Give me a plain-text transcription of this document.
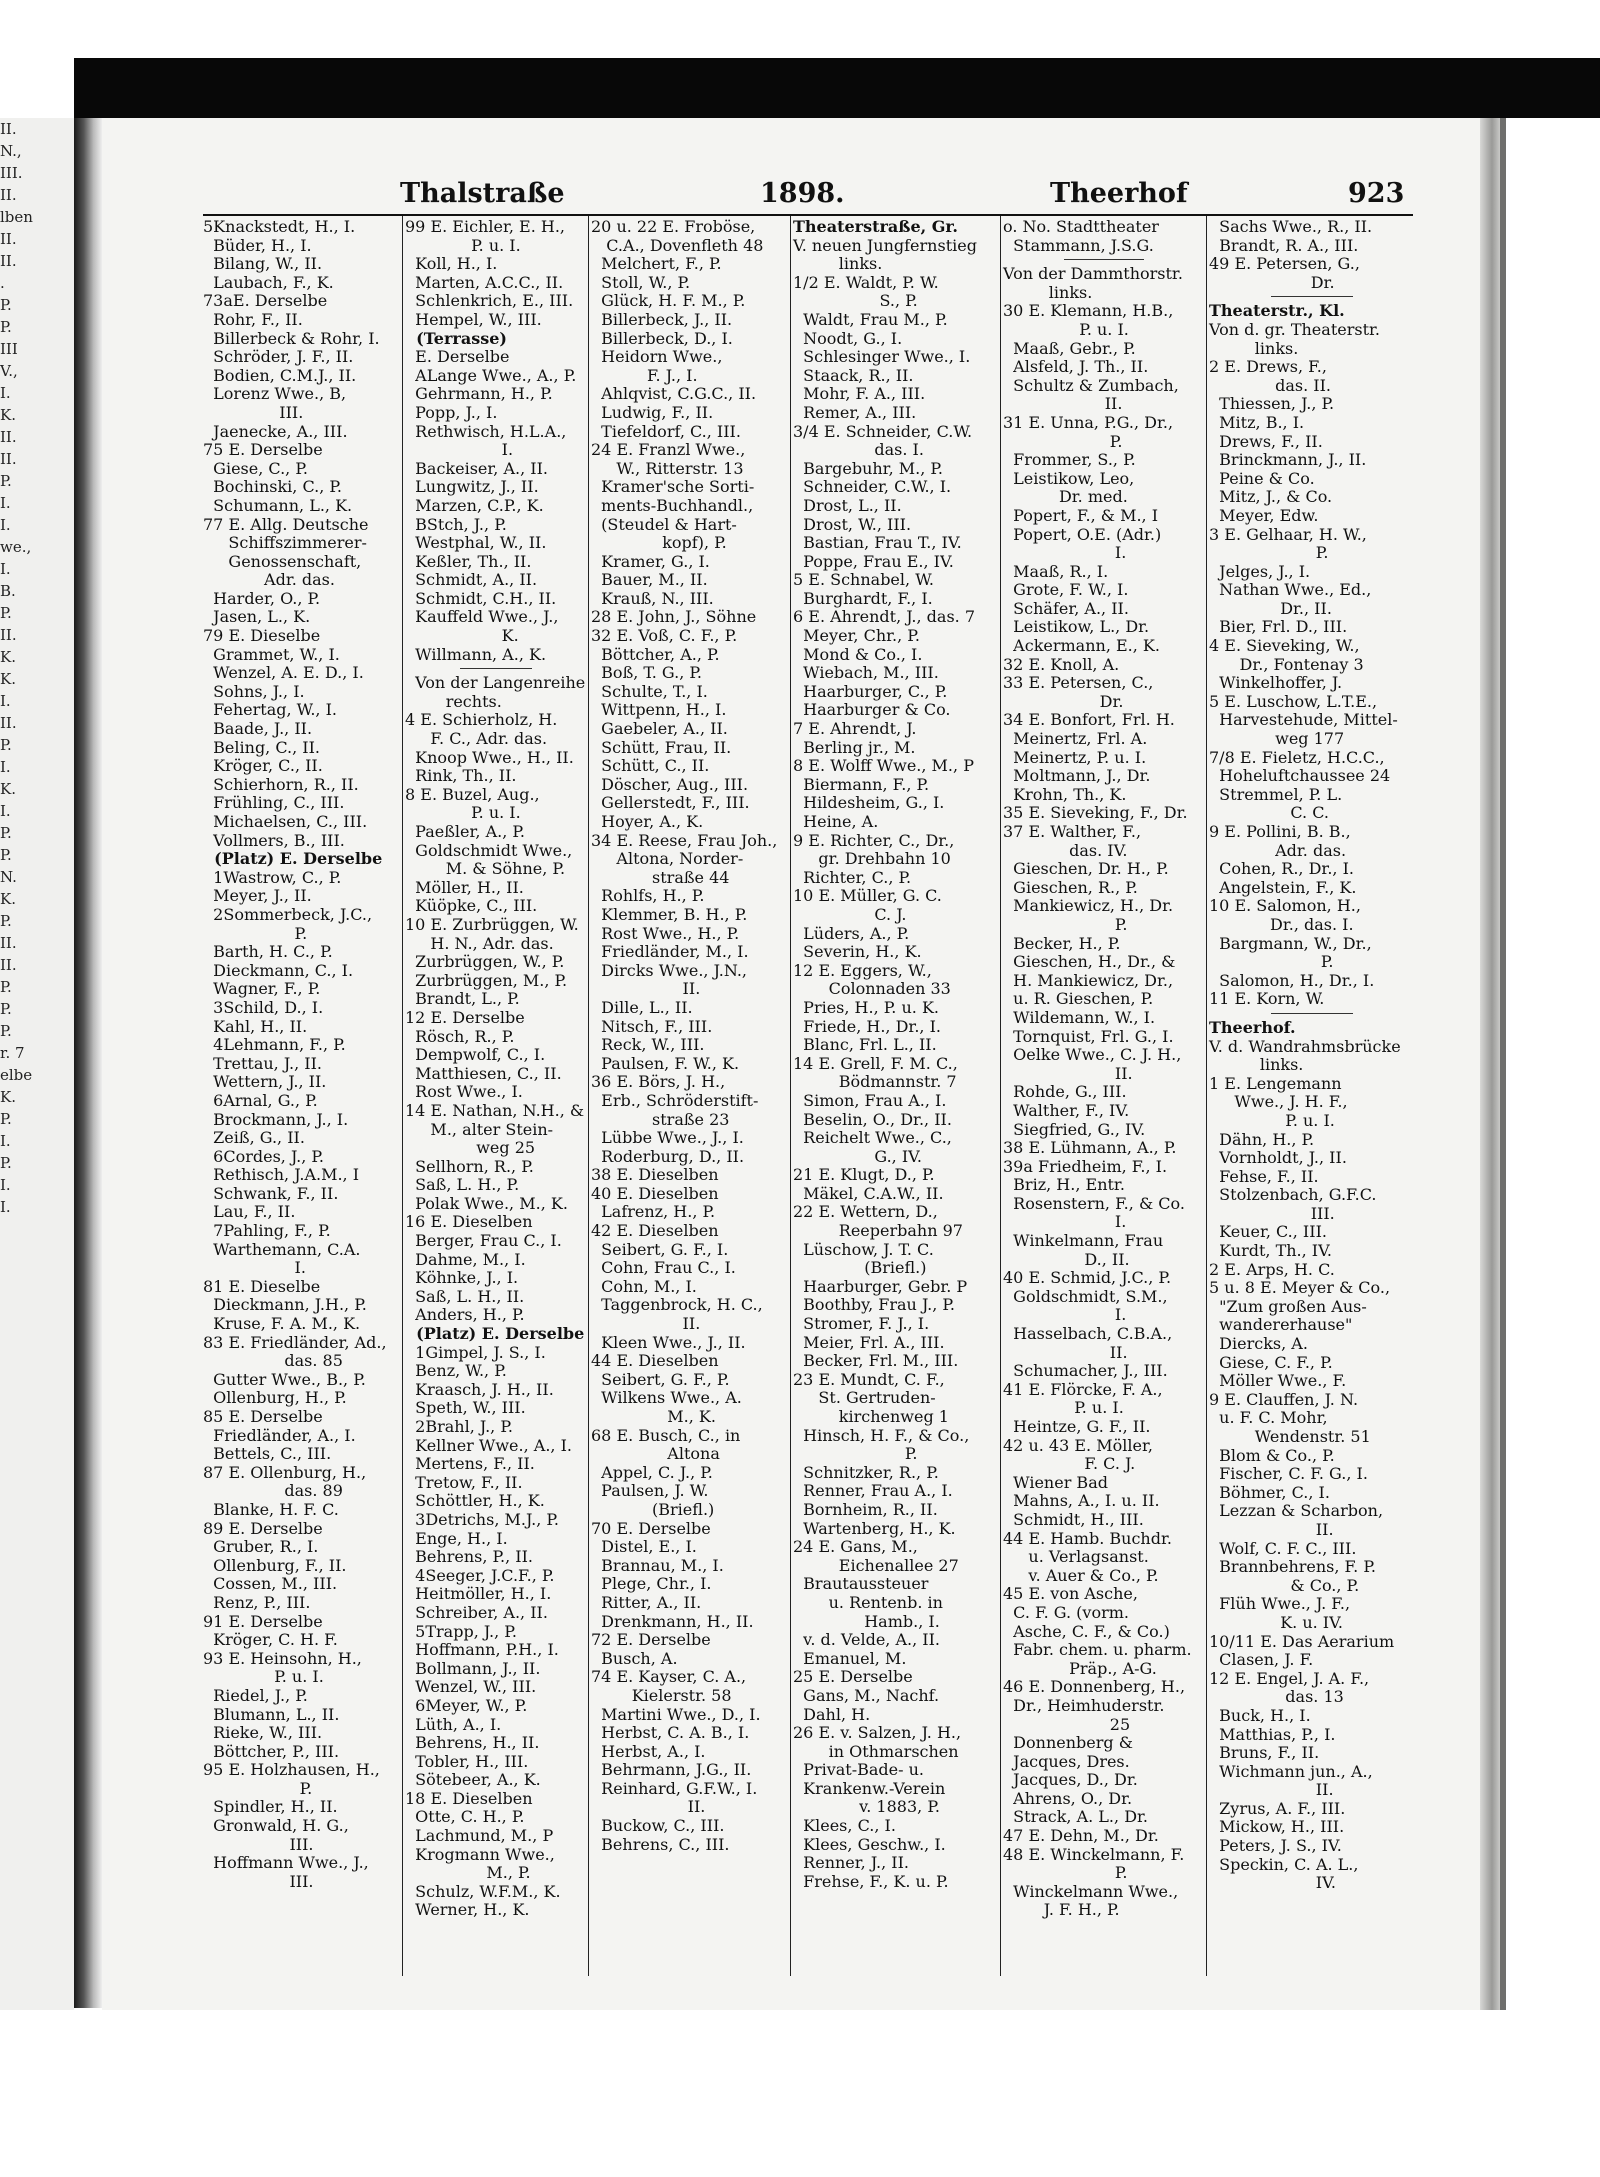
II.
N.,
III.
II.
lben
II.
II.
.
P.
P.
III
V.,
I.
K.
II.
II.
P.
I.
I.
we.,
I.
B.
P.
II.
K.
K.
I.
II.
P.
I.
K.
I.
P.
P.
N.
K.
P.
II.
II.
P.
P.
P.
r. 7
elbe
K.
P.
I.
P.
I.
I.
Thalstraße	1898.	Theerhof	923
5Knackstedt, H., I.
Büder, H., I.
Bilang, W., II.
Laubach, F., K.
73aE. Derselbe
Rohr, F., II.
Billerbeck & Rohr, I.
Schröder, J. F., II.
Bodien, C.M.J., II.
Lorenz Wwe., B,
III.
Jaenecke, A., III.
75 E. Derselbe
Giese, C., P.
Bochinski, C., P.
Schumann, L., K.
77 E. Allg. Deutsche
Schiffszimmerer-
Genossenschaft,
Adr. das.
Harder, O., P.
Jasen, L., K.
79 E. Dieselbe
Grammet, W., I.
Wenzel, A. E. D., I.
Sohns, J., I.
Fehertag, W., I.
Baade, J., II.
Beling, C., II.
Kröger, C., II.
Schierhorn, R., II.
Frühling, C., III.
Michaelsen, C., III.
Vollmers, B., III.
(Platz) E. Derselbe
1Wastrow, C., P.
Meyer, J., II.
2Sommerbeck, J.C.,
P.
Barth, H. C., P.
Dieckmann, C., I.
Wagner, F., P.
3Schild, D., I.
Kahl, H., II.
4Lehmann, F., P.
Trettau, J., II.
Wettern, J., II.
6Arnal, G., P.
Brockmann, J., I.
Zeiß, G., II.
6Cordes, J., P.
Rethisch, J.A.M., I
Schwank, F., II.
Lau, F., II.
7Pahling, F., P.
Warthemann, C.A.
I.
81 E. Dieselbe
Dieckmann, J.H., P.
Kruse, F. A. M., K.
83 E. Friedländer, Ad.,
das. 85
Gutter Wwe., B., P.
Ollenburg, H., P.
85 E. Derselbe
Friedländer, A., I.
Bettels, C., III.
87 E. Ollenburg, H.,
das. 89
Blanke, H. F. C.
89 E. Derselbe
Gruber, R., I.
Ollenburg, F., II.
Cossen, M., III.
Renz, P., III.
91 E. Derselbe
Kröger, C. H. F.
93 E. Heinsohn, H.,
P. u. I.
Riedel, J., P.
Blumann, L., II.
Rieke, W., III.
Böttcher, P., III.
95 E. Holzhausen, H.,
P.
Spindler, H., II.
Gronwald, H. G.,
III.
Hoffmann Wwe., J.,
III.
99 E. Eichler, E. H.,
P. u. I.
Koll, H., I.
Marten, A.C.C., II.
Schlenkrich, E., III.
Hempel, W., III.
(Terrasse)
E. Derselbe
ALange Wwe., A., P.
Gehrmann, H., P.
Popp, J., I.
Rethwisch, H.L.A.,
I.
Backeiser, A., II.
Lungwitz, J., II.
Marzen, C.P., K.
BStch, J., P.
Westphal, W., II.
Keßler, Th., II.
Schmidt, A., II.
Schmidt, C.H., II.
Kauffeld Wwe., J.,
K.
Willmann, A., K.
Von der Langenreihe
rechts.
4 E. Schierholz, H.
F. C., Adr. das.
Knoop Wwe., H., II.
Rink, Th., II.
8 E. Buzel, Aug.,
P. u. I.
Paeßler, A., P.
Goldschmidt Wwe.,
M. & Söhne, P.
Möller, H., II.
Küöpke, C., III.
10 E. Zurbrüggen, W.
H. N., Adr. das.
Zurbrüggen, W., P.
Zurbrüggen, M., P.
Brandt, L., P.
12 E. Derselbe
Rösch, R., P.
Dempwolf, C., I.
Matthiesen, C., II.
Rost Wwe., I.
14 E. Nathan, N.H., &
M., alter Stein-
weg 25
Sellhorn, R., P.
Saß, L. H., P.
Polak Wwe., M., K.
16 E. Dieselben
Berger, Frau C., I.
Dahme, M., I.
Köhnke, J., I.
Saß, L. H., II.
Anders, H., P.
(Platz) E. Derselbe
1Gimpel, J. S., I.
Benz, W., P.
Kraasch, J. H., II.
Speth, W., III.
2Brahl, J., P.
Kellner Wwe., A., I.
Mertens, F., II.
Tretow, F., II.
Schöttler, H., K.
3Detrichs, M.J., P.
Enge, H., I.
Behrens, P., II.
4Seeger, J.C.F., P.
Heitmöller, H., I.
Schreiber, A., II.
5Trapp, J., P.
Hoffmann, P.H., I.
Bollmann, J., II.
Wenzel, W., III.
6Meyer, W., P.
Lüth, A., I.
Behrens, H., II.
Tobler, H., III.
Sötebeer, A., K.
18 E. Dieselben
Otte, C. H., P.
Lachmund, M., P
Krogmann Wwe.,
M., P.
Schulz, W.F.M., K.
Werner, H., K.
20 u. 22 E. Froböse,
C.A., Dovenfleth 48
Melchert, F., P.
Stoll, W., P.
Glück, H. F. M., P.
Billerbeck, J., II.
Billerbeck, D., I.
Heidorn Wwe.,
F. J., I.
Ahlqvist, C.G.C., II.
Ludwig, F., II.
Tiefeldorf, C., III.
24 E. Franzl Wwe.,
W., Ritterstr. 13
Kramer'sche Sorti-
ments-Buchhandl.,
(Steudel & Hart-
kopf), P.
Kramer, G., I.
Bauer, M., II.
Krauß, N., III.
28 E. John, J., Söhne
32 E. Voß, C. F., P.
Böttcher, A., P.
Boß, T. G., P.
Schulte, T., I.
Wittpenn, H., I.
Gaebeler, A., II.
Schütt, Frau, II.
Schütt, C., II.
Döscher, Aug., III.
Gellerstedt, F., III.
Hoyer, A., K.
34 E. Reese, Frau Joh.,
Altona, Norder-
straße 44
Rohlfs, H., P.
Klemmer, B. H., P.
Rost Wwe., H., P.
Friedländer, M., I.
Dircks Wwe., J.N.,
II.
Dille, L., II.
Nitsch, F., III.
Reck, W., III.
Paulsen, F. W., K.
36 E. Börs, J. H.,
Erb., Schröderstift-
straße 23
Lübbe Wwe., J., I.
Roderburg, D., II.
38 E. Dieselben
40 E. Dieselben
Lafrenz, H., P.
42 E. Dieselben
Seibert, G. F., I.
Cohn, Frau C., I.
Cohn, M., I.
Taggenbrock, H. C.,
II.
Kleen Wwe., J., II.
44 E. Dieselben
Seibert, G. F., P.
Wilkens Wwe., A.
M., K.
68 E. Busch, C., in
Altona
Appel, C. J., P.
Paulsen, J. W.
(Briefl.)
70 E. Derselbe
Distel, E., I.
Brannau, M., I.
Plege, Chr., I.
Ritter, A., II.
Drenkmann, H., II.
72 E. Derselbe
Busch, A.
74 E. Kayser, C. A.,
Kielerstr. 58
Martini Wwe., D., I.
Herbst, C. A. B., I.
Herbst, A., I.
Behrmann, J.G., II.
Reinhard, G.F.W., I.
II.
Buckow, C., III.
Behrens, C., III.
Theaterstraße, Gr.
V. neuen Jungfernstieg
links.
1/2 E. Waldt, P. W.
S., P.
Waldt, Frau M., P.
Noodt, G., I.
Schlesinger Wwe., I.
Staack, R., II.
Mohr, F. A., III.
Remer, A., III.
3/4 E. Schneider, C.W.
das. I.
Bargebuhr, M., P.
Schneider, C.W., I.
Drost, L., II.
Drost, W., III.
Bastian, Frau T., IV.
Poppe, Frau E., IV.
5 E. Schnabel, W.
Burghardt, F., I.
6 E. Ahrendt, J., das. 7
Meyer, Chr., P.
Mond & Co., I.
Wiebach, M., III.
Haarburger, C., P.
Haarburger & Co.
7 E. Ahrendt, J.
Berling jr., M.
8 E. Wolff Wwe., M., P
Biermann, F., P.
Hildesheim, G., I.
Heine, A.
9 E. Richter, C., Dr.,
gr. Drehbahn 10
Richter, C., P.
10 E. Müller, G. C.
C. J.
Lüders, A., P.
Severin, H., K.
12 E. Eggers, W.,
Colonnaden 33
Pries, H., P. u. K.
Friede, H., Dr., I.
Blanc, Frl. L., II.
14 E. Grell, F. M. C.,
Bödmannstr. 7
Simon, Frau A., I.
Beselin, O., Dr., II.
Reichelt Wwe., C.,
G., IV.
21 E. Klugt, D., P.
Mäkel, C.A.W., II.
22 E. Wettern, D.,
Reeperbahn 97
Lüschow, J. T. C.
(Briefl.)
Haarburger, Gebr. P
Boothby, Frau J., P.
Stromer, F. J., I.
Meier, Frl. A., III.
Becker, Frl. M., III.
23 E. Mundt, C. F.,
St. Gertruden-
kirchenweg 1
Hinsch, H. F., & Co.,
P.
Schnitzker, R., P.
Renner, Frau A., I.
Bornheim, R., II.
Wartenberg, H., K.
24 E. Gans, M.,
Eichenallee 27
Brautaussteuer
u. Rentenb. in
Hamb., I.
v. d. Velde, A., II.
Emanuel, M.
25 E. Derselbe
Gans, M., Nachf.
Dahl, H.
26 E. v. Salzen, J. H.,
in Othmarschen
Privat-Bade- u.
Krankenw.-Verein
v. 1883, P.
Klees, C., I.
Klees, Geschw., I.
Renner, J., II.
Frehse, F., K. u. P.
o. No. Stadttheater
Stammann, J.S.G.
Von der Dammthorstr.
links.
30 E. Klemann, H.B.,
P. u. I.
Maaß, Gebr., P.
Alsfeld, J. Th., II.
Schultz & Zumbach,
II.
31 E. Unna, P.G., Dr.,
P.
Frommer, S., P.
Leistikow, Leo,
Dr. med.
Popert, F., & M., I
Popert, O.E. (Adr.)
I.
Maaß, R., I.
Grote, F. W., I.
Schäfer, A., II.
Leistikow, L., Dr.
Ackermann, E., K.
32 E. Knoll, A.
33 E. Petersen, C.,
Dr.
34 E. Bonfort, Frl. H.
Meinertz, Frl. A.
Meinertz, P. u. I.
Moltmann, J., Dr.
Krohn, Th., K.
35 E. Sieveking, F., Dr.
37 E. Walther, F.,
das. IV.
Gieschen, Dr. H., P.
Gieschen, R., P.
Mankiewicz, H., Dr.
P.
Becker, H., P.
Gieschen, H., Dr., &
H. Mankiewicz, Dr.,
u. R. Gieschen, P.
Wildemann, W., I.
Tornquist, Frl. G., I.
Oelke Wwe., C. J. H.,
II.
Rohde, G., III.
Walther, F., IV.
Siegfried, G., IV.
38 E. Lühmann, A., P.
39a Friedheim, F., I.
Briz, H., Entr.
Rosenstern, F., & Co.
I.
Winkelmann, Frau
D., II.
40 E. Schmid, J.C., P.
Goldschmidt, S.M.,
I.
Hasselbach, C.B.A.,
II.
Schumacher, J., III.
41 E. Flörcke, F. A.,
P. u. I.
Heintze, G. F., II.
42 u. 43 E. Möller,
F. C. J.
Wiener Bad
Mahns, A., I. u. II.
Schmidt, H., III.
44 E. Hamb. Buchdr.
u. Verlagsanst.
v. Auer & Co., P.
45 E. von Asche,
C. F. G. (vorm.
Asche, C. F., & Co.)
Fabr. chem. u. pharm.
Präp., A-G.
46 E. Donnenberg, H.,
Dr., Heimhuderstr.
25
Donnenberg &
Jacques, Dres.
Jacques, D., Dr.
Ahrens, O., Dr.
Strack, A. L., Dr.
47 E. Dehn, M., Dr.
48 E. Winckelmann, F.
P.
Winckelmann Wwe.,
J. F. H., P.
Sachs Wwe., R., II.
Brandt, R. A., III.
49 E. Petersen, G.,
Dr.
Theaterstr., Kl.
Von d. gr. Theaterstr.
links.
2 E. Drews, F.,
das. II.
Thiessen, J., P.
Mitz, B., I.
Drews, F., II.
Brinckmann, J., II.
Peine & Co.
Mitz, J., & Co.
Meyer, Edw.
3 E. Gelhaar, H. W.,
P.
Jelges, J., I.
Nathan Wwe., Ed.,
Dr., II.
Bier, Frl. D., III.
4 E. Sieveking, W.,
Dr., Fontenay 3
Winkelhoffer, J.
5 E. Luschow, L.T.E.,
Harvestehude, Mittel-
weg 177
7/8 E. Fieletz, H.C.C.,
Hoheluftchaussee 24
Stremmel, P. L.
C. C.
9 E. Pollini, B. B.,
Adr. das.
Cohen, R., Dr., I.
Angelstein, F., K.
10 E. Salomon, H.,
Dr., das. I.
Bargmann, W., Dr.,
P.
Salomon, H., Dr., I.
11 E. Korn, W.
Theerhof.
V. d. Wandrahmsbrücke
links.
1 E. Lengemann
Wwe., J. H. F.,
P. u. I.
Dähn, H., P.
Vornholdt, J., II.
Fehse, F., II.
Stolzenbach, G.F.C.
III.
Keuer, C., III.
Kurdt, Th., IV.
2 E. Arps, H. C.
5 u. 8 E. Meyer & Co.,
"Zum großen Aus-
wandererhause"
Diercks, A.
Giese, C. F., P.
Möller Wwe., F.
9 E. Clauffen, J. N.
u. F. C. Mohr,
Wendenstr. 51
Blom & Co., P.
Fischer, C. F. G., I.
Böhmer, C., I.
Lezzan & Scharbon,
II.
Wolf, C. F. C., III.
Brannbehrens, F. P.
& Co., P.
Flüh Wwe., J. F.,
K. u. IV.
10/11 E. Das Aerarium
Clasen, J. F.
12 E. Engel, J. A. F.,
das. 13
Buck, H., I.
Matthias, P., I.
Bruns, F., II.
Wichmann jun., A.,
II.
Zyrus, A. F., III.
Mickow, H., III.
Peters, J. S., IV.
Speckin, C. A. L.,
IV.
